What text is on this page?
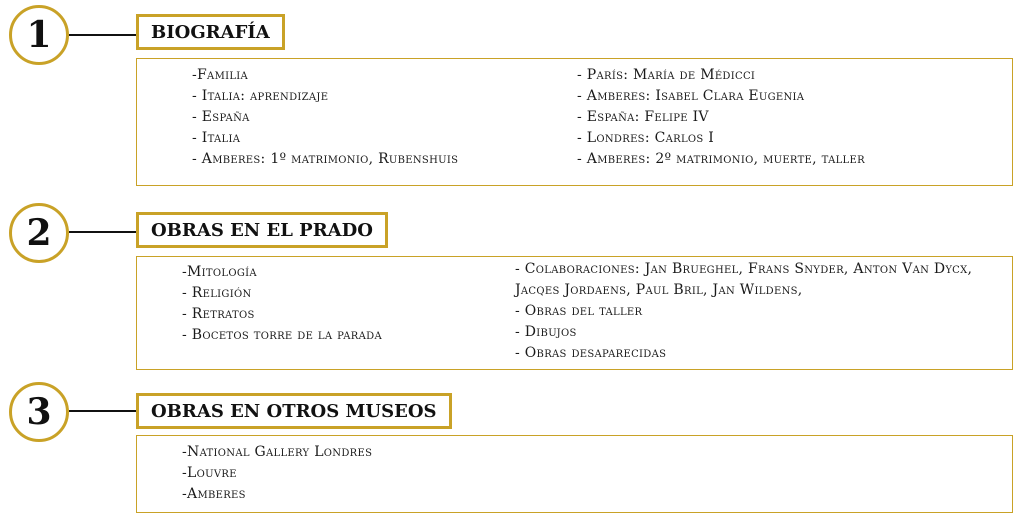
1	BIOGRAFÍA
-Familia
- Italia: aprendizaje
- España
- Italia
- Amberes: 1º matrimonio, Rubenshuis
- París: María de Médicci
- Amberes: Isabel Clara Eugenia
- España: Felipe IV
- Londres: Carlos I
- Amberes: 2º matrimonio, muerte, taller
2	OBRAS EN EL PRADO
-Mitología
- Religión
- Retratos
- Bocetos torre de la parada
- Colaboraciones: Jan Brueghel, Frans Snyder, Anton Van Dycx, Jacqes Jordaens, Paul Bril, Jan Wildens,
- Obras del taller
- Dibujos
- Obras desaparecidas
3	OBRAS EN OTROS MUSEOS
-National Gallery Londres
-Louvre
-Amberes
